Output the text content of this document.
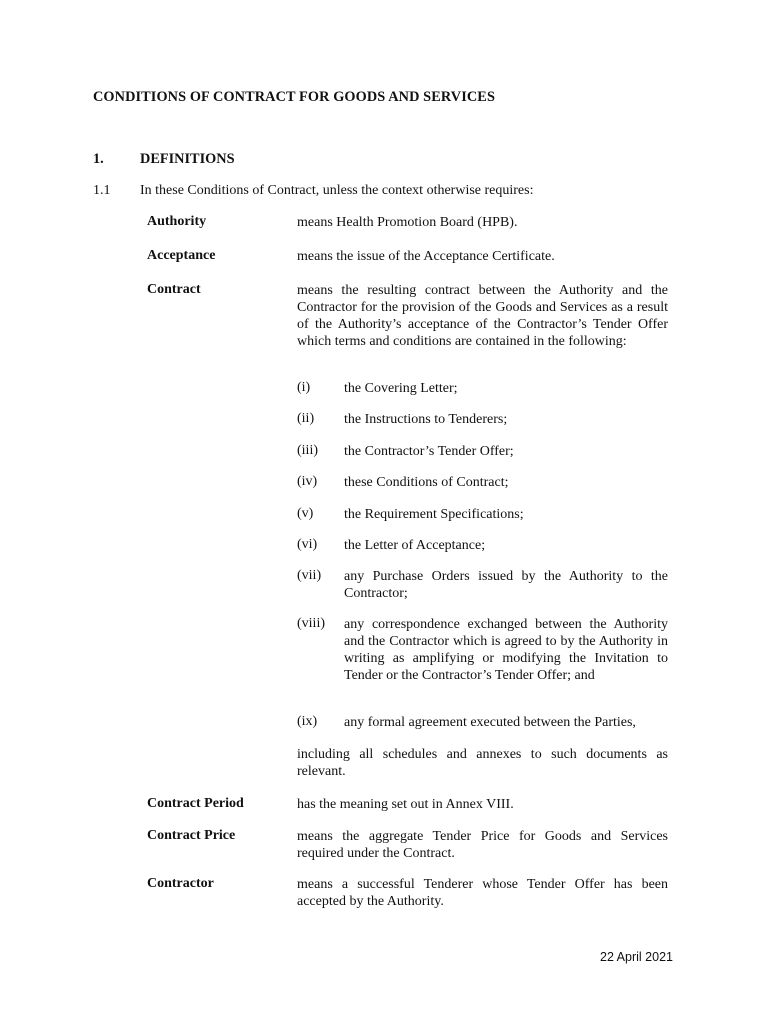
CONDITIONS OF CONTRACT FOR GOODS AND SERVICES
1.	DEFINITIONS
1.1 In these Conditions of Contract, unless the context otherwise requires:
Authority	means Health Promotion Board (HPB).
Acceptance	means the issue of the Acceptance Certificate.
Contract	means the resulting contract between the Authority and the Contractor for the provision of the Goods and Services as a result of the Authority’s acceptance of the Contractor’s Tender Offer which terms and conditions are contained in the following:
(i) the Covering Letter;
(ii) the Instructions to Tenderers;
(iii) the Contractor’s Tender Offer;
(iv) these Conditions of Contract;
(v) the Requirement Specifications;
(vi) the Letter of Acceptance;
(vii) any Purchase Orders issued by the Authority to the Contractor;
(viii) any correspondence exchanged between the Authority and the Contractor which is agreed to by the Authority in writing as amplifying or modifying the Invitation to Tender or the Contractor’s Tender Offer; and
(ix) any formal agreement executed between the Parties,
including all schedules and annexes to such documents as relevant.
Contract Period	has the meaning set out in Annex VIII.
Contract Price	means the aggregate Tender Price for Goods and Services required under the Contract.
Contractor	means a successful Tenderer whose Tender Offer has been accepted by the Authority.
22 April 2021
